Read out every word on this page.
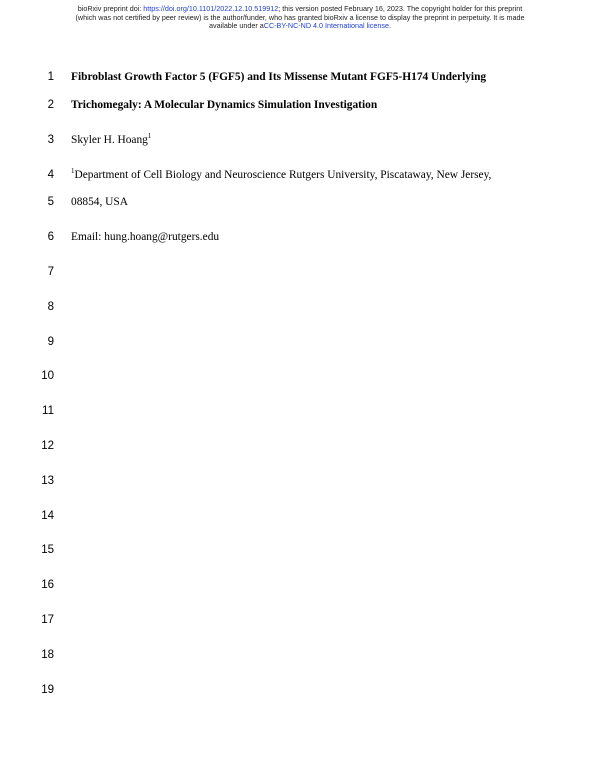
bioRxiv preprint doi: https://doi.org/10.1101/2022.12.10.519912; this version posted February 16, 2023. The copyright holder for this preprint
(which was not certified by peer review) is the author/funder, who has granted bioRxiv a license to display the preprint in perpetuity. It is made
available under aCC-BY-NC-ND 4.0 International license.
1 Fibroblast Growth Factor 5 (FGF5) and Its Missense Mutant FGF5-H174 Underlying
2 Trichomegaly: A Molecular Dynamics Simulation Investigation
3 Skyler H. Hoang$^1$
4 $^1$Department of Cell Biology and Neuroscience Rutgers University, Piscataway, New Jersey,
5 08854, USA
6 Email: hung.hoang@rutgers.edu
7
8
9
10
11
12
13
14
15
16
17
18
19
